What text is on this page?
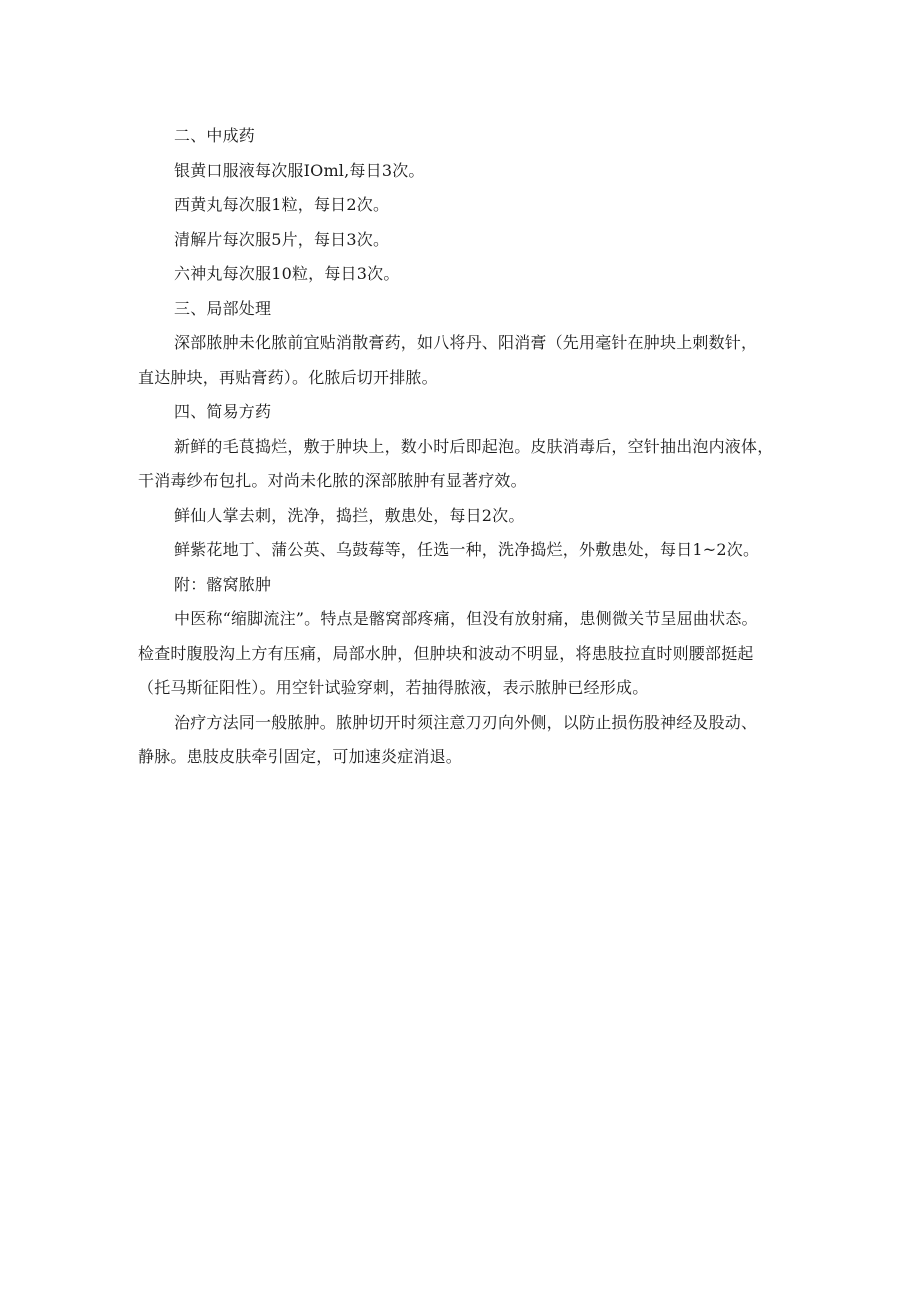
二、中成药
银黄口服液每次服IOml,每日3次。
西黄丸每次服1粒，每日2次。
清解片每次服5片，每日3次。
六神丸每次服10粒，每日3次。
三、局部处理
深部脓肿未化脓前宜贴消散膏药，如八将丹、阳消膏（先用毫针在肿块上刺数针，
直达肿块，再贴膏药）。化脓后切开排脓。
四、简易方药
新鲜的毛茛捣烂，敷于肿块上，数小时后即起泡。皮肤消毒后，空针抽出泡内液体，
干消毒纱布包扎。对尚未化脓的深部脓肿有显著疗效。
鲜仙人掌去刺，洗净，捣拦，敷患处，每日2次。
鲜紫花地丁、蒲公英、乌鼓莓等，任选一种，洗净捣烂，外敷患处，每日1~2次。
附：髂窝脓肿
中医称“缩脚流注”。特点是髂窝部疼痛，但没有放射痛，患侧微关节呈屈曲状态。
检查时腹股沟上方有压痛，局部水肿，但肿块和波动不明显，将患肢拉直时则腰部挺起
（托马斯征阳性）。用空针试验穿刺，若抽得脓液，表示脓肿已经形成。
治疗方法同一般脓肿。脓肿切开时须注意刀刃向外侧，以防止损伤股神经及股动、
静脉。患肢皮肤牵引固定，可加速炎症消退。
